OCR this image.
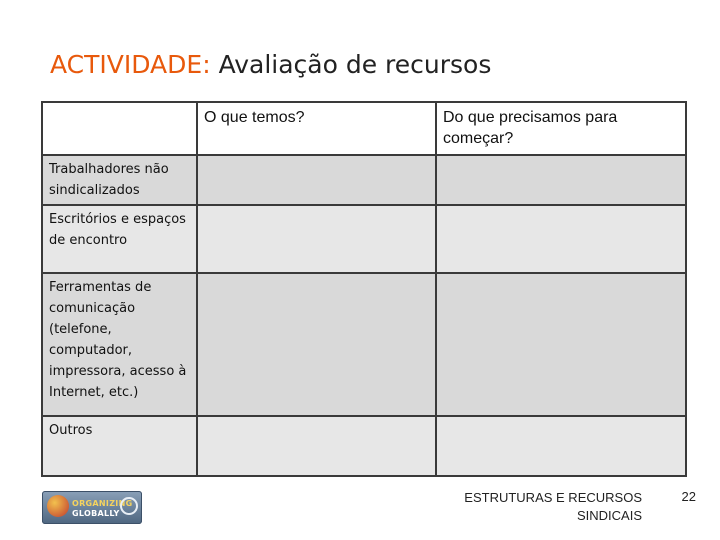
ACTIVIDADE: Avaliação de recursos
	O que temos?	Do que precisamos para começar?
Trabalhadores não sindicalizados		
Escritórios e espaços de encontro		
Ferramentas de comunicação (telefone, computador, impressora, acesso à Internet, etc.)		
Outros		
ORGANIZING
GLOBALLY
ESTRUTURAS E RECURSOS SINDICAIS
22
